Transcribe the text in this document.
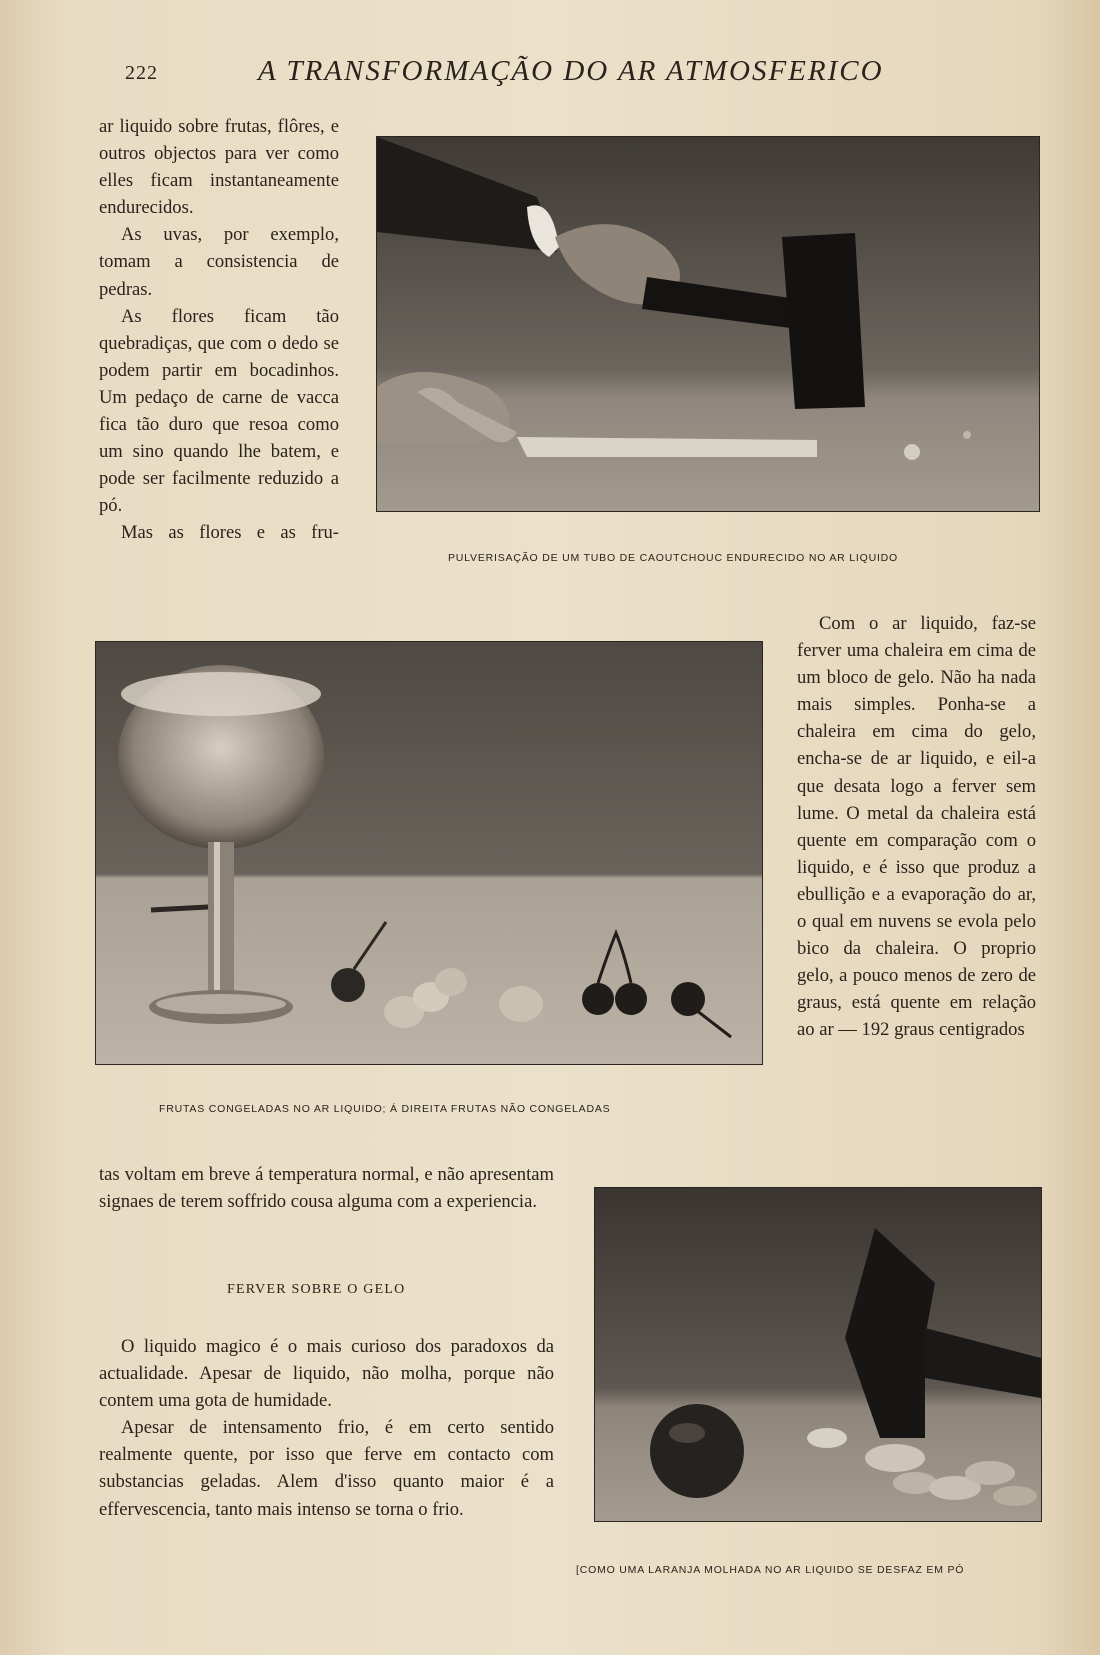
222	A TRANSFORMAÇÃO DO AR ATMOSFERICO

ar liquido sobre frutas, flôres, e outros objectos para ver como elles ficam instantaneamente endurecidos.

As uvas, por exemplo, tomam a consistencia de pedras.

As flores ficam tão quebradiças, que com o dedo se podem partir em bocadinhos. Um pedaço de carne de vacca fica tão duro que resoa como um sino quando lhe batem, e pode ser facilmente reduzido a pó.

Mas as flores e as fru-

PULVERISAÇÃO DE UM TUBO DE CAOUTCHOUC ENDURECIDO NO AR LIQUIDO
FRUTAS CONGELADAS NO AR LIQUIDO; Á DIREITA FRUTAS NÃO CONGELADAS

Com o ar liquido, faz-se ferver uma chaleira em cima de um bloco de gelo. Não ha nada mais simples. Ponha-se a chaleira em cima do gelo, encha-se de ar liquido, e eil-a que desata logo a ferver sem lume. O metal da chaleira está quente em comparação com o liquido, e é isso que produz a ebullição e a evaporação do ar, o qual em nuvens se evola pelo bico da chaleira. O proprio gelo, a pouco menos de zero de graus, está quente em relação ao ar — 192 graus centigrados

tas voltam em breve á temperatura normal, e não apresentam signaes de terem soffrido cousa alguma com a experiencia.

FERVER SOBRE O GELO

O liquido magico é o mais curioso dos paradoxos da actualidade. Apesar de liquido, não molha, porque não contem uma gota de humidade.

Apesar de intensamento frio, é em certo sentido realmente quente, por isso que ferve em contacto com substancias geladas. Alem d'isso quanto maior é a effervescencia, tanto mais intenso se torna o frio.

[COMO UMA LARANJA MOLHADA NO AR LIQUIDO SE DESFAZ EM PÓ
